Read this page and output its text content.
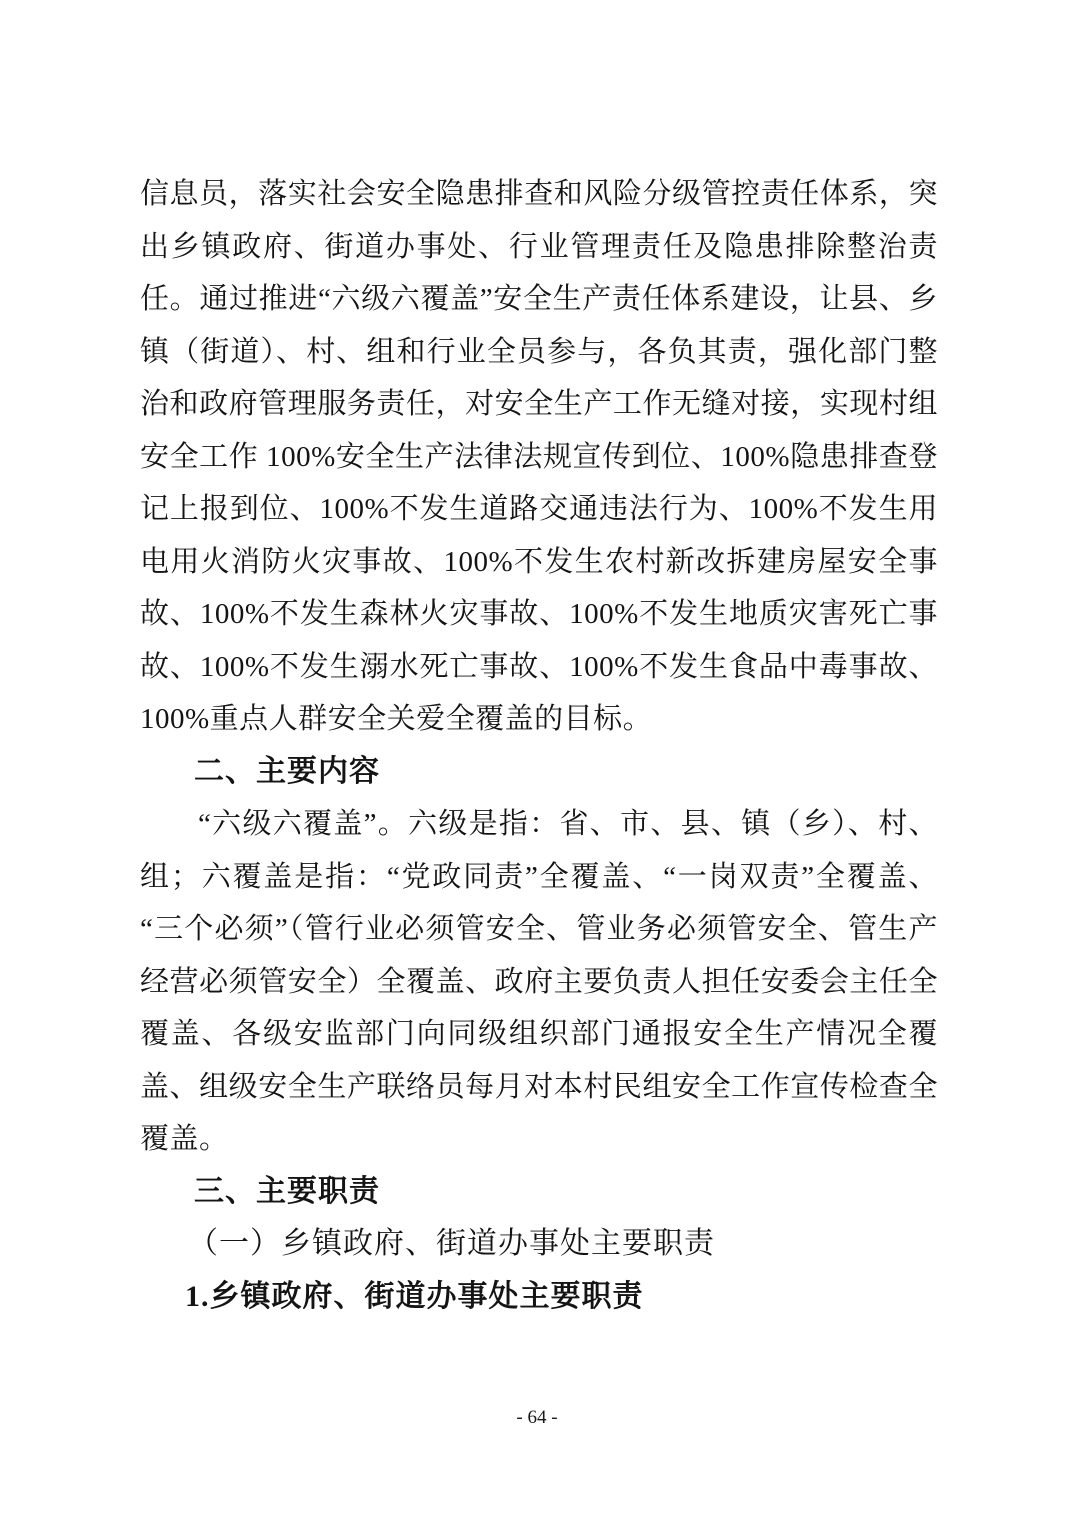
信息员，落实社会安全隐患排查和风险分级管控责任体系，突出乡镇政府、街道办事处、行业管理责任及隐患排除整治责任。通过推进“六级六覆盖”安全生产责任体系建设，让县、乡镇（街道）、村、组和行业全员参与，各负其责，强化部门整治和政府管理服务责任，对安全生产工作无缝对接，实现村组安全工作 100%安全生产法律法规宣传到位、100%隐患排查登记上报到位、100%不发生道路交通违法行为、100%不发生用电用火消防火灾事故、100%不发生农村新改拆建房屋安全事故、100%不发生森林火灾事故、100%不发生地质灾害死亡事故、100%不发生溺水死亡事故、100%不发生食品中毒事故、100%重点人群安全关爱全覆盖的目标。

二、主要内容

“六级六覆盖”。六级是指：省、市、县、镇（乡）、村、组；六覆盖是指：“党政同责”全覆盖、“一岗双责”全覆盖、“三个必须”（管行业必须管安全、管业务必须管安全、管生产经营必须管安全）全覆盖、政府主要负责人担任安委会主任全覆盖、各级安监部门向同级组织部门通报安全生产情况全覆盖、组级安全生产联络员每月对本村民组安全工作宣传检查全覆盖。

三、主要职责

（一）乡镇政府、街道办事处主要职责

1.乡镇政府、街道办事处主要职责

- 64 -
